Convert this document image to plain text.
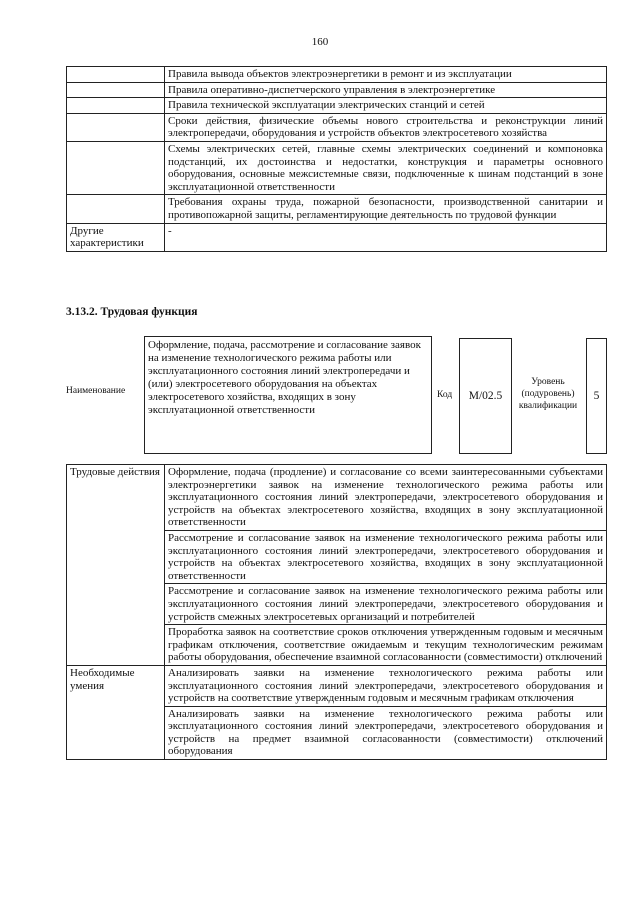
160
	Правила вывода объектов электроэнергетики в ремонт и из эксплуатации
	Правила оперативно-диспетчерского управления в электроэнергетике
	Правила технической эксплуатации электрических станций и сетей
	Сроки действия, физические объемы нового строительства и реконструкции линий электропередачи, оборудования и устройств объектов электросетевого хозяйства
	Схемы электрических сетей, главные схемы электрических соединений и компоновка подстанций, их достоинства и недостатки, конструкция и параметры основного оборудования, основные межсистемные связи, подключенные к шинам подстанций в зоне эксплуатационной ответственности
	Требования охраны труда, пожарной безопасности, производственной санитарии и противопожарной защиты, регламентирующие деятельность по трудовой функции
Другие характеристики	-
3.13.2. Трудовая функция
Наименование
Оформление, подача, рассмотрение и согласование заявок на изменение технологического режима работы или эксплуатационного состояния линий электропередачи и (или) электросетевого оборудования на объектах электросетевого хозяйства, входящих в зону эксплуатационной ответственности
Код	М/02.5
Уровень (подуровень) квалификации
5
Трудовые действия	Оформление, подача (продление) и согласование со всеми заинтересованными субъектами электроэнергетики заявок на изменение технологического режима работы или эксплуатационного состояния линий электропередачи, электросетевого оборудования и устройств на объектах электросетевого хозяйства, входящих в зону эксплуатационной ответственности
	Рассмотрение и согласование заявок на изменение технологического режима работы или эксплуатационного состояния линий электропередачи, электросетевого оборудования и устройств на объектах электросетевого хозяйства, входящих в зону эксплуатационной ответственности
	Рассмотрение и согласование заявок на изменение технологического режима работы или эксплуатационного состояния линий электропередачи, электросетевого оборудования и устройств смежных электросетевых организаций и потребителей
	Проработка заявок на соответствие сроков отключения утвержденным годовым и месячным графикам отключения, соответствие ожидаемым и текущим технологическим режимам работы оборудования, обеспечение взаимной согласованности (совместимости) отключений
Необходимые умения	Анализировать заявки на изменение технологического режима работы или эксплуатационного состояния линий электропередачи, электросетевого оборудования и устройств на соответствие утвержденным годовым и месячным графикам отключения
	Анализировать заявки на изменение технологического режима работы или эксплуатационного состояния линий электропередачи, электросетевого оборудования и устройств на предмет взаимной согласованности (совместимости) отключений оборудования
